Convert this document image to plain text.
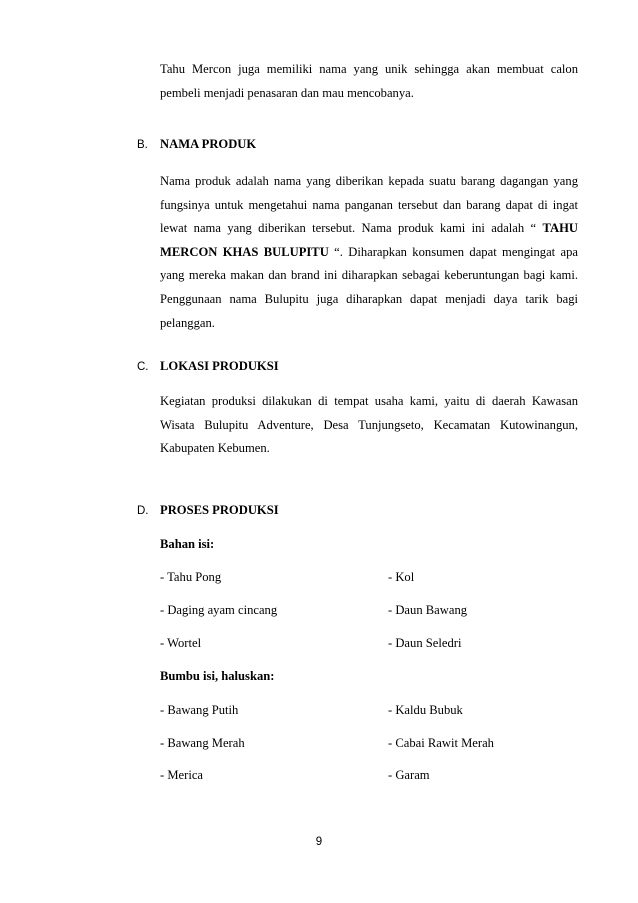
Tahu Mercon juga memiliki nama yang unik sehingga akan membuat calon
pembeli menjadi penasaran dan mau mencobanya.
B. NAMA PRODUK
Nama produk adalah nama yang diberikan kepada suatu barang dagangan yang
fungsinya untuk mengetahui nama panganan tersebut dan barang dapat di ingat
lewat nama yang diberikan tersebut. Nama produk kami ini adalah “ TAHU
MERCON KHAS BULUPITU “. Diharapkan konsumen dapat mengingat apa
yang mereka makan dan brand ini diharapkan sebagai keberuntungan bagi kami.
Penggunaan nama Bulupitu juga diharapkan dapat menjadi daya tarik bagi
pelanggan.
C. LOKASI PRODUKSI
Kegiatan produksi dilakukan di tempat usaha kami, yaitu di daerah Kawasan
Wisata Bulupitu Adventure, Desa Tunjungseto, Kecamatan Kutowinangun,
Kabupaten Kebumen.
D. PROSES PRODUKSI
Bahan isi:
- Tahu Pong	- Kol
- Daging ayam cincang	- Daun Bawang
- Wortel	- Daun Seledri
Bumbu isi, haluskan:
- Bawang Putih	- Kaldu Bubuk
- Bawang Merah	- Cabai Rawit Merah
- Merica	- Garam
9
